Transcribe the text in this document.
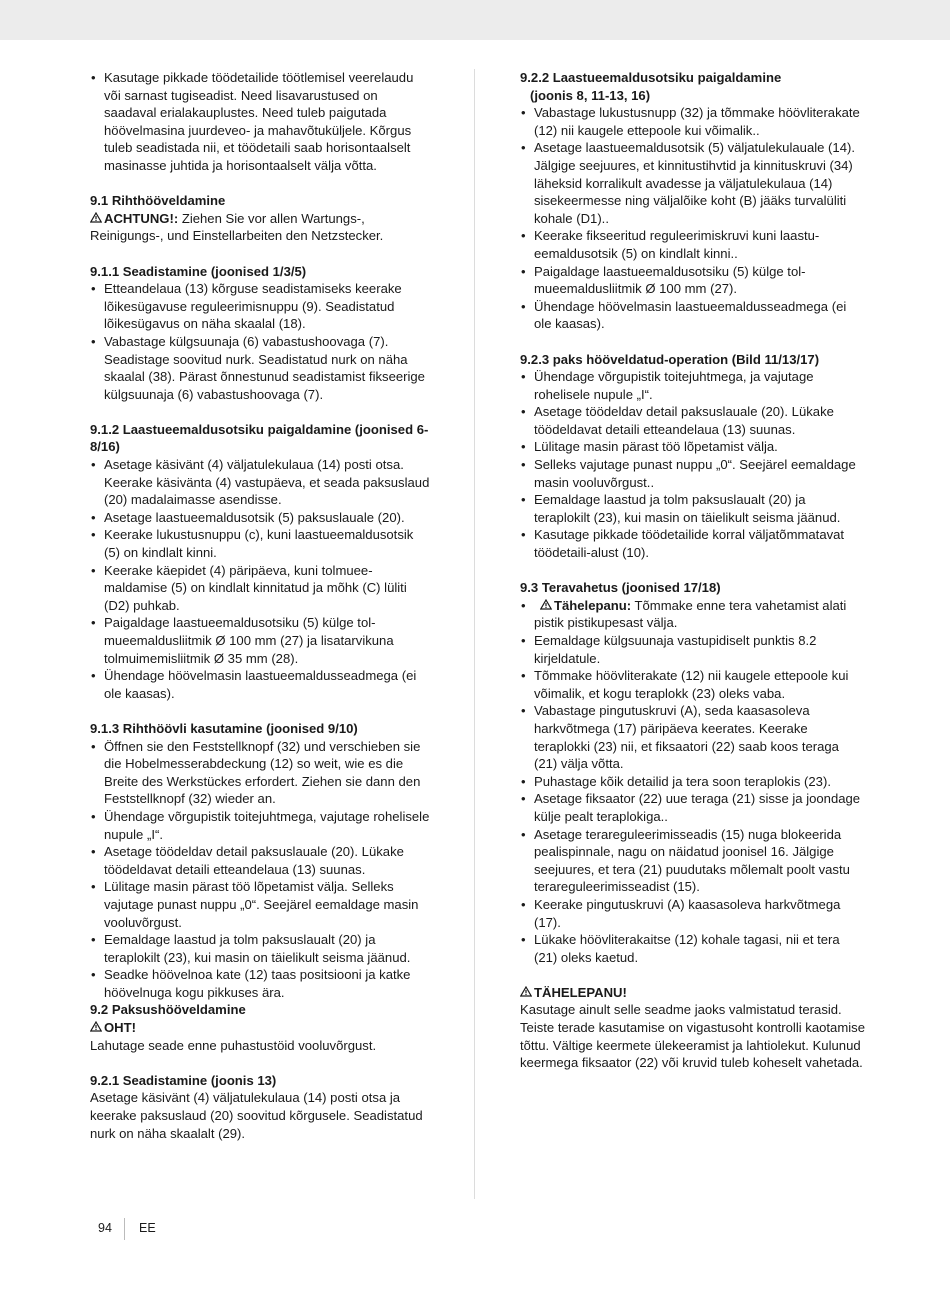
• Kasutage pikkade töödetailide töötlemisel veerelaudu või sarnast tugiseadist. Need lisavarustused on saadaval erialakauplustes. Need tuleb paigutada höövelmasina juurdeveo- ja mahavõtuküljele. Kõrgus tuleb seadistada nii, et töödetaili saab horisontaalselt masinasse juhtida ja horisontaalselt välja võtta.

9.1 Rihthööveldamine

ACHTUNG!: Ziehen Sie vor allen Wartungs-, Reinigungs-, und Einstellarbeiten den Netzstecker.

9.1.1 Seadistamine (joonised 1/3/5)

• Etteandelaua (13) kõrguse seadistamiseks keerake lõikesügavuse reguleerimisnuppu (9). Seadistatud lõikesügavus on näha skaalal (18).
• Vabastage külgsuunaja (6) vabastushoovaga (7). Seadistage soovitud nurk. Seadistatud nurk on näha skaalal (38). Pärast õnnestunud seadistamist fikseerige külgsuunaja (6) vabastushoovaga (7).

9.1.2 Laastueemaldusotsiku paigaldamine (joonised 6-8/16)

• Asetage käsivänt (4) väljatulekulaua (14) posti otsa. Keerake käsivänta (4) vastupäeva, et seada paksuslaud (20) madalaimasse asendisse.
• Asetage laastueemaldusotsik (5) paksuslauale (20).
• Keerake lukustusnuppu (c), kuni laastueemaldusotsik (5) on kindlalt kinni.
• Keerake käepidet (4) päripäeva, kuni tolmueemaldamise (5) on kindlalt kinnitatud ja mõhk (C) lüliti (D2) puhkab.
• Paigaldage laastueemaldusotsiku (5) külge tolmueemaldusliitmik Ø 100 mm (27) ja lisatarvikuna tolmuimemisliitmik Ø 35 mm (28).
• Ühendage höövelmasin laastueemaldusseadmega (ei ole kaasas).

9.1.3 Rihthöövli kasutamine (joonised 9/10)

• Öffnen sie den Feststellknopf (32) und verschieben sie die Hobelmesserabdeckung (12) so weit, wie es die Breite des Werkstückes erfordert. Ziehen sie dann den Feststellknopf (32) wieder an.
• Ühendage võrgupistik toitejuhtmega, vajutage rohelisele nupule „I“.
• Asetage töödeldav detail paksuslauale (20). Lükake töödeldavat detaili etteandelaua (13) suunas.
• Lülitage masin pärast töö lõpetamist välja. Selleks vajutage punast nuppu „0“. Seejärel eemaldage masin vooluvõrgust.
• Eemaldage laastud ja tolm paksuslaualt (20) ja teraplokilt (23), kui masin on täielikult seisma jäänud.
• Seadke höövelnoa kate (12) taas positsiooni ja katke höövelnuga kogu pikkuses ära.

9.2 Paksushööveldamine

OHT!

Lahutage seade enne puhastustöid vooluvõrgust.

9.2.1 Seadistamine (joonis 13)

Asetage käsivänt (4) väljatulekulaua (14) posti otsa ja keerake paksuslaud (20) soovitud kõrgusele. Seadistatud nurk on näha skaalalt (29).

9.2.2 Laastueemaldusotsiku paigaldamine

(joonis 8, 11-13, 16)

• Vabastage lukustusnupp (32) ja tõmmake höövliterakate (12) nii kaugele ettepoole kui võimalik..
• Asetage laastueemaldusotsik (5) väljatulekulauale (14). Jälgige seejuures, et kinnitustihvtid ja kinnituskruvi (34) läheksid korralikult avadesse ja väljatulekulaua (14) sisekeermesse ning väljalõike koht (B) jääks turvalüliti kohale (D1)..
• Keerake fikseeritud reguleerimiskruvi kuni laastueemaldusotsik (5) on kindlalt kinni..
• Paigaldage laastueemaldusotsiku (5) külge tolmueemaldusliitmik Ø 100 mm (27).
• Ühendage höövelmasin laastueemaldusseadmega (ei ole kaasas).

9.2.3 paks hööveldatud-operation (Bild 11/13/17)

• Ühendage võrgupistik toitejuhtmega, ja vajutage rohelisele nupule „I“.
• Asetage töödeldav detail paksuslauale (20). Lükake töödeldavat detaili etteandelaua (13) suunas.
• Lülitage masin pärast töö lõpetamist välja.
• Selleks vajutage punast nuppu „0“. Seejärel eemaldage masin vooluvõrgust..
• Eemaldage laastud ja tolm paksuslaualt (20) ja teraplokilt (23), kui masin on täielikult seisma jäänud.
• Kasutage pikkade töödetailide korral väljatõmmatavat töödetaili-alust (10).

9.3 Teravahetus (joonised 17/18)

• Tähelepanu: Tõmmake enne tera vahetamist alati pistik pistikupesast välja.
• Eemaldage külgsuunaja vastupidiselt punktis 8.2 kirjeldatule.
• Tõmmake höövliterakate (12) nii kaugele ettepoole kui võimalik, et kogu teraplokk (23) oleks vaba.
• Vabastage pingutuskruvi (A), seda kaasasoleva harkvõtmega (17) päripäeva keerates. Keerake teraplokki (23) nii, et fiksaatori (22) saab koos teraga (21) välja võtta.
• Puhastage kõik detailid ja tera soon teraplokis (23).
• Asetage fiksaator (22) uue teraga (21) sisse ja joondage külje pealt teraplokiga..
• Asetage terareguleerimisseadis (15) nuga blokeerida pealispinnale, nagu on näidatud joonisel 16. Jälgige seejuures, et tera (21) puudutaks mõlemalt poolt vastu terareguleerimisseadist (15).
• Keerake pingutuskruvi (A) kaasasoleva harkvõtmega (17).
• Lükake höövliterakaitse (12) kohale tagasi, nii et tera (21) oleks kaetud.

TÄHELEPANU!

Kasutage ainult selle seadme jaoks valmistatud terasid. Teiste terade kasutamise on vigastusoht kontrolli kaotamise tõttu. Vältige keermete ülekeeramist ja lahtiolekut. Kulunud keermega fiksaator (22) või kruvid tuleb koheselt vahetada.

94 EE
